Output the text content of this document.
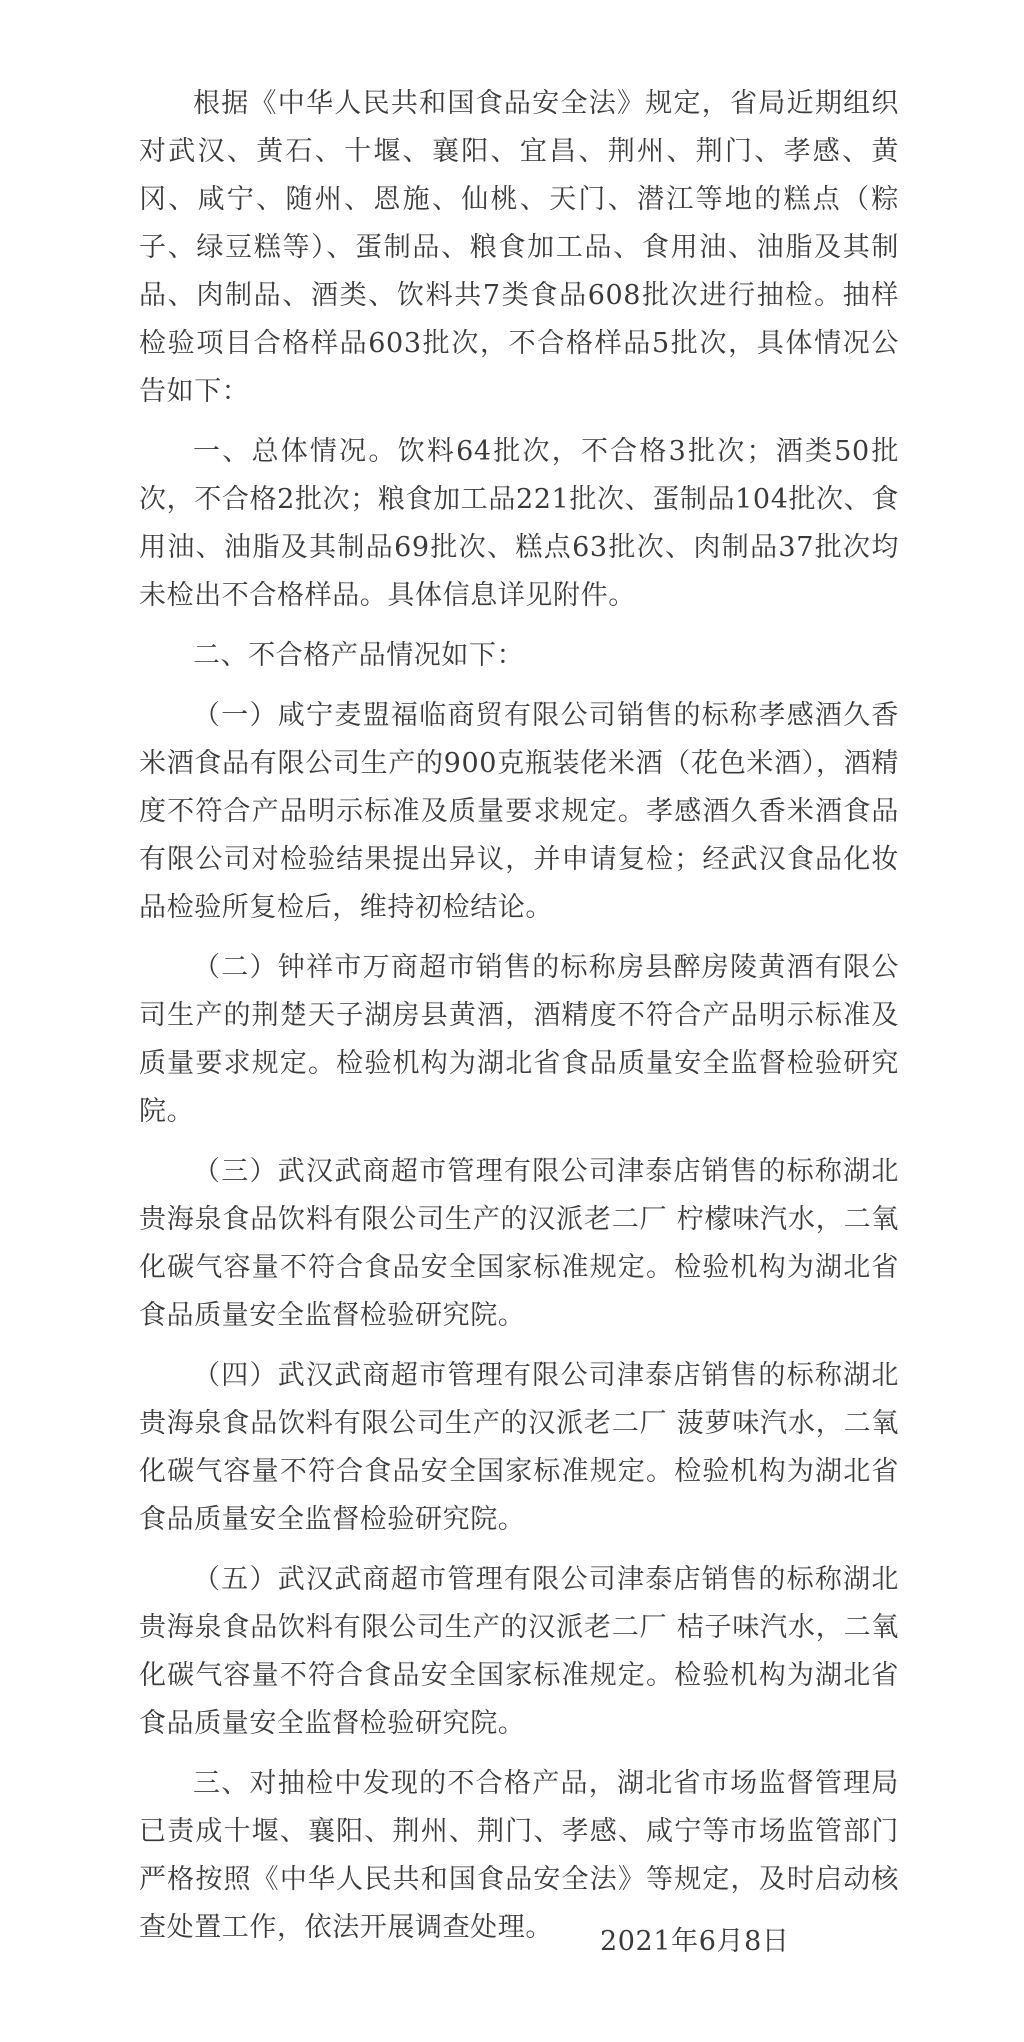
根据《中华人民共和国食品安全法》规定，省局近期组织对武汉、黄石、十堰、襄阳、宜昌、荆州、荆门、孝感、黄冈、咸宁、随州、恩施、仙桃、天门、潜江等地的糕点（粽子、绿豆糕等）、蛋制品、粮食加工品、食用油、油脂及其制品、肉制品、酒类、饮料共7类食品608批次进行抽检。抽样检验项目合格样品603批次，不合格样品5批次，具体情况公告如下：

一、总体情况。饮料64批次，不合格3批次；酒类50批次，不合格2批次；粮食加工品221批次、蛋制品104批次、食用油、油脂及其制品69批次、糕点63批次、肉制品37批次均未检出不合格样品。具体信息详见附件。

二、不合格产品情况如下：

（一）咸宁麦盟福临商贸有限公司销售的标称孝感酒久香米酒食品有限公司生产的900克瓶装佬米酒（花色米酒），酒精度不符合产品明示标准及质量要求规定。孝感酒久香米酒食品有限公司对检验结果提出异议，并申请复检；经武汉食品化妆品检验所复检后，维持初检结论。

（二）钟祥市万商超市销售的标称房县醉房陵黄酒有限公司生产的荆楚天子湖房县黄酒，酒精度不符合产品明示标准及质量要求规定。检验机构为湖北省食品质量安全监督检验研究院。

（三）武汉武商超市管理有限公司津泰店销售的标称湖北贵海泉食品饮料有限公司生产的汉派老二厂 柠檬味汽水，二氧化碳气容量不符合食品安全国家标准规定。检验机构为湖北省食品质量安全监督检验研究院。

（四）武汉武商超市管理有限公司津泰店销售的标称湖北贵海泉食品饮料有限公司生产的汉派老二厂 菠萝味汽水，二氧化碳气容量不符合食品安全国家标准规定。检验机构为湖北省食品质量安全监督检验研究院。

（五）武汉武商超市管理有限公司津泰店销售的标称湖北贵海泉食品饮料有限公司生产的汉派老二厂 桔子味汽水，二氧化碳气容量不符合食品安全国家标准规定。检验机构为湖北省食品质量安全监督检验研究院。

三、对抽检中发现的不合格产品，湖北省市场监督管理局已责成十堰、襄阳、荆州、荆门、孝感、咸宁等市场监管部门严格按照《中华人民共和国食品安全法》等规定，及时启动核查处置工作，依法开展调查处理。	2021年6月8日
